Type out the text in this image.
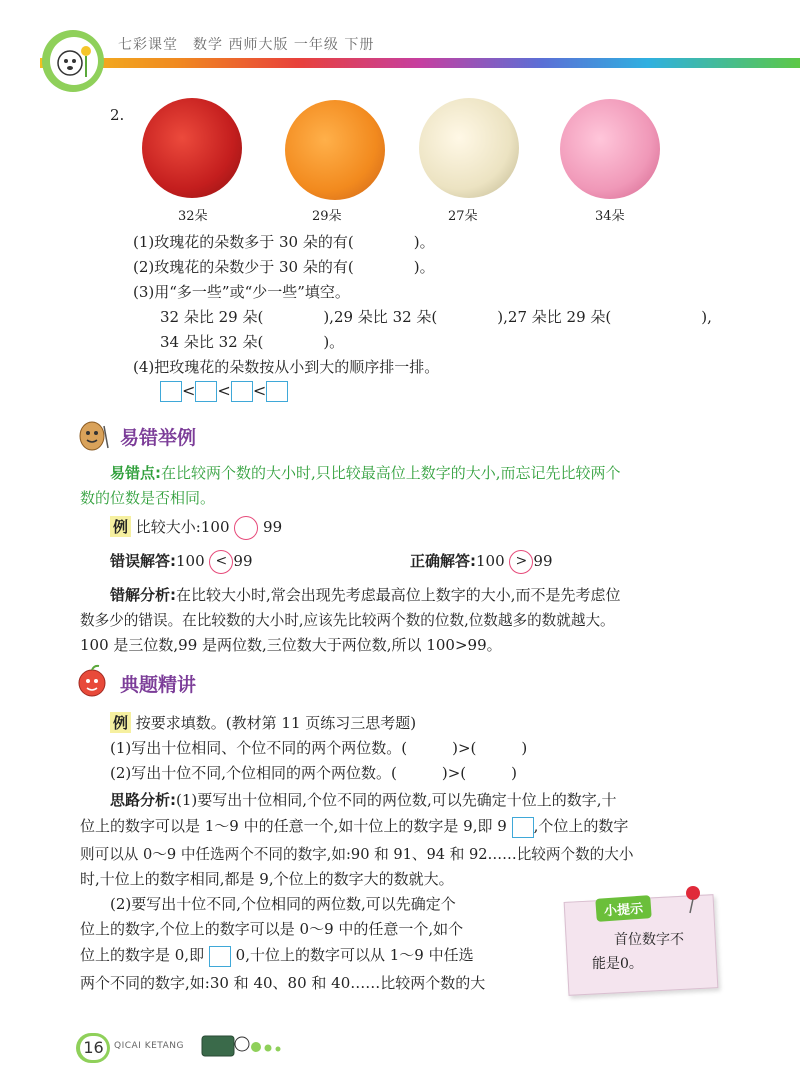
七彩课堂　数学 西师大版 一年级 下册
2.
32朵	29朵	27朵	34朵
(1)玫瑰花的朵数多于 30 朵的有(　　　　)。
(2)玫瑰花的朵数少于 30 朵的有(　　　　)。
(3)用“多一些”或“少一些”填空。
32 朵比 29 朵(　　　　),29 朵比 32 朵(　　　　),27 朵比 29 朵(　　　　　　),
34 朵比 32 朵(　　　　)。
(4)把玫瑰花的朵数按从小到大的顺序排一排。
< < <
易错举例
易错点:在比较两个数的大小时,只比较最高位上数字的大小,而忘记先比较两个
数的位数是否相同。
例 比较大小:100 99
错误解答:100 < 99	正确解答:100 > 99
错解分析:在比较大小时,常会出现先考虑最高位上数字的大小,而不是先考虑位
数多少的错误。在比较数的大小时,应该先比较两个数的位数,位数越多的数就越大。
100 是三位数,99 是两位数,三位数大于两位数,所以 100>99。
典题精讲
例 按要求填数。(教材第 11 页练习三思考题)
(1)写出十位相同、个位不同的两个两位数。(　　　)>(　　　)
(2)写出十位不同,个位相同的两个两位数。(　　　)>(　　　)
思路分析:(1)要写出十位相同,个位不同的两位数,可以先确定十位上的数字,十
位上的数字可以是 1～9 中的任意一个,如十位上的数字是 9,即 9 ,个位上的数字
则可以从 0～9 中任选两个不同的数字,如:90 和 91、94 和 92……比较两个数的大小
时,十位上的数字相同,都是 9,个位上的数字大的数就大。
(2)要写出十位不同,个位相同的两位数,可以先确定个
位上的数字,个位上的数字可以是 0～9 中的任意一个,如个
位上的数字是 0,即 0,十位上的数字可以从 1～9 中任选
两个不同的数字,如:30 和 40、80 和 40……比较两个数的大
小提示
首位数字不
能是0。
16	QICAI KETANG
